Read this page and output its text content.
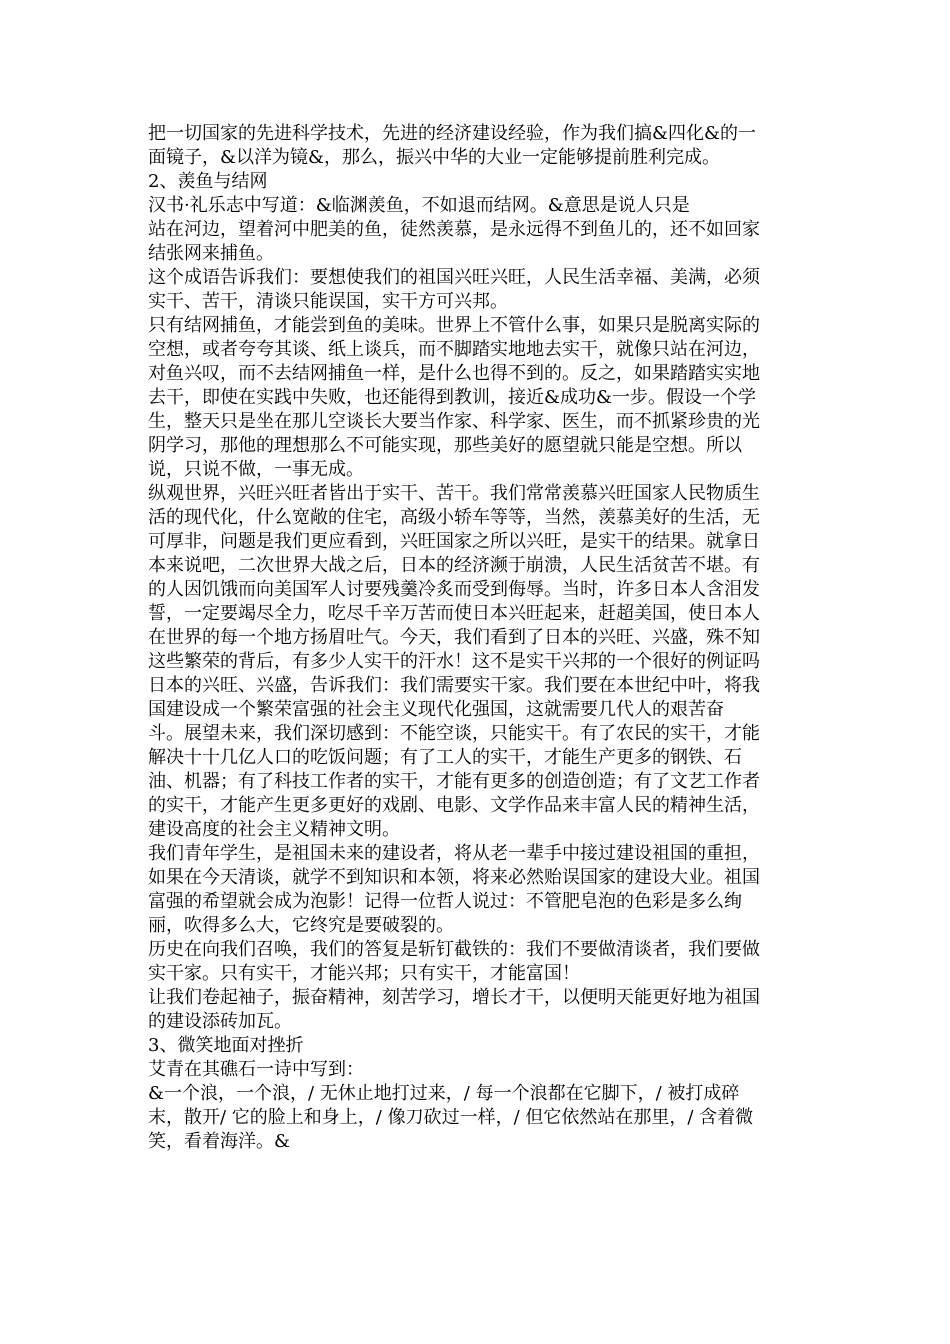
把一切国家的先进科学技术，先进的经济建设经验，作为我们搞&四化&的一
面镜子，&以洋为镜&，那么，振兴中华的大业一定能够提前胜利完成。
2、羡鱼与结网
汉书·礼乐志中写道：&临渊羡鱼，不如退而结网。&意思是说人只是
站在河边，望着河中肥美的鱼，徒然羡慕，是永远得不到鱼儿的，还不如回家
结张网来捕鱼。
这个成语告诉我们：要想使我们的祖国兴旺兴旺，人民生活幸福、美满，必须
实干、苦干，清谈只能误国，实干方可兴邦。
只有结网捕鱼，才能尝到鱼的美味。世界上不管什么事，如果只是脱离实际的
空想，或者夸夸其谈、纸上谈兵，而不脚踏实地地去实干，就像只站在河边，
对鱼兴叹，而不去结网捕鱼一样，是什么也得不到的。反之，如果踏踏实实地
去干，即使在实践中失败，也还能得到教训，接近&成功&一步。假设一个学
生，整天只是坐在那儿空谈长大要当作家、科学家、医生，而不抓紧珍贵的光
阴学习，那他的理想那么不可能实现，那些美好的愿望就只能是空想。所以
说，只说不做，一事无成。
纵观世界，兴旺兴旺者皆出于实干、苦干。我们常常羡慕兴旺国家人民物质生
活的现代化，什么宽敞的住宅，高级小轿车等等，当然，羡慕美好的生活，无
可厚非，问题是我们更应看到，兴旺国家之所以兴旺，是实干的结果。就拿日
本来说吧，二次世界大战之后，日本的经济濒于崩溃，人民生活贫苦不堪。有
的人因饥饿而向美国军人讨要残羹冷炙而受到侮辱。当时，许多日本人含泪发
誓，一定要竭尽全力，吃尽千辛万苦而使日本兴旺起来，赶超美国，使日本人
在世界的每一个地方扬眉吐气。今天，我们看到了日本的兴旺、兴盛，殊不知
这些繁荣的背后，有多少人实干的汗水！这不是实干兴邦的一个很好的例证吗
日本的兴旺、兴盛，告诉我们：我们需要实干家。我们要在本世纪中叶，将我
国建设成一个繁荣富强的社会主义现代化强国，这就需要几代人的艰苦奋
斗。展望未来，我们深切感到：不能空谈，只能实干。有了农民的实干，才能
解决十十几亿人口的吃饭问题；有了工人的实干，才能生产更多的钢铁、石
油、机器；有了科技工作者的实干，才能有更多的创造创造；有了文艺工作者
的实干，才能产生更多更好的戏剧、电影、文学作品来丰富人民的精神生活，
建设高度的社会主义精神文明。
我们青年学生，是祖国未来的建设者，将从老一辈手中接过建设祖国的重担，
如果在今天清谈，就学不到知识和本领，将来必然贻误国家的建设大业。祖国
富强的希望就会成为泡影！记得一位哲人说过：不管肥皂泡的色彩是多么绚
丽，吹得多么大，它终究是要破裂的。
历史在向我们召唤，我们的答复是斩钉截铁的：我们不要做清谈者，我们要做
实干家。只有实干，才能兴邦；只有实干，才能富国！
让我们卷起袖子，振奋精神，刻苦学习，增长才干，以便明天能更好地为祖国
的建设添砖加瓦。
3、微笑地面对挫折
艾青在其礁石一诗中写到：
&一个浪，一个浪，/ 无休止地打过来，/ 每一个浪都在它脚下，/ 被打成碎
末，散开/ 它的脸上和身上，/ 像刀砍过一样，/ 但它依然站在那里，/ 含着微
笑，看着海洋。&
